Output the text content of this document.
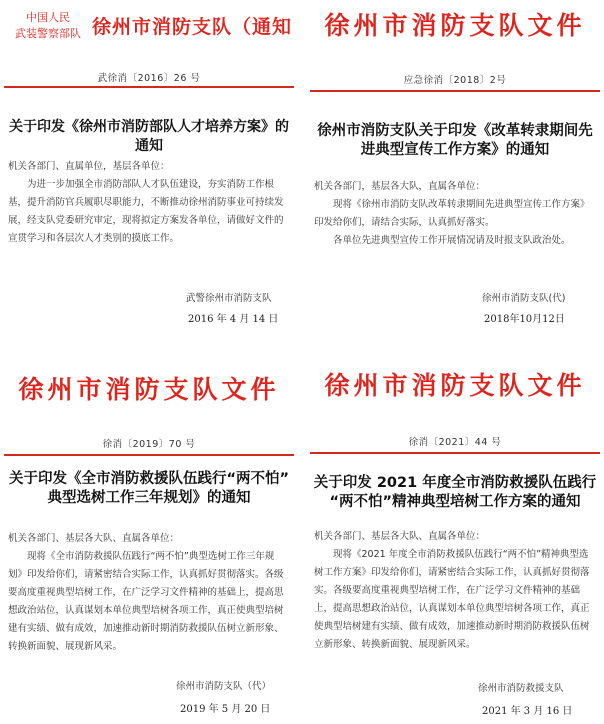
中国人民
武装警察部队 徐州市消防支队（通知
武徐消〔2016〕26 号
关于印发《徐州市消防部队人才培养方案》的通知
机关各部门、直属单位，基层各单位：

为进一步加强全市消防部队人才队伍建设，夯实消防工作根基，提升消防官兵履职尽职能力，不断推动徐州消防事业可持续发展，经支队党委研究审定，现将拟定方案发各单位，请做好文件的宣贯学习和各层次人才类别的摸底工作。

武警徐州市消防支队
2016 年 4 月 14 日
徐州市消防支队文件
应急徐消〔2018〕2号
徐州市消防支队关于印发《改革转隶期间先进典型宣传工作方案》的通知
机关各部门，基层各大队，直属各单位：

现将《徐州市消防支队改革转隶期间先进典型宣传工作方案》印发给你们，请结合实际，认真抓好落实。

各单位先进典型宣传工作开展情况请及时报支队政治处。

徐州市消防支队(代)
2018年10月12日
徐州市消防支队文件
徐消〔2019〕70 号
关于印发《全市消防救援队伍践行“两不怕”
典型选树工作三年规划》的通知
机关各部门、基层各大队、直属各单位：

现将《全市消防救援队伍践行“两不怕”典型选树工作三年规划》印发给你们，请紧密结合实际工作，认真抓好贯彻落实。各级要高度重视典型培树工作，在广泛学习文件精神的基础上，提高思想政治站位，认真谋划本单位典型培树各项工作，真正使典型培树建有实绩、做有成效，加速推动新时期消防救援队伍树立新形象、转换新面貌、展现新风采。

徐州市消防支队（代）
2019 年 5 月 20 日
徐州市消防支队文件
徐消〔2021〕44 号
关于印发 2021 年度全市消防救援队伍践行
“两不怕”精神典型培树工作方案的通知
机关各部门、基层各大队、直属各单位：

现将《2021 年度全市消防救援队伍践行“两不怕”精神典型选树工作方案》印发给你们，请紧密结合实际工作，认真抓好贯彻落实。各级要高度重视典型培树工作，在广泛学习文件精神的基础上，提高思想政治站位，认真谋划本单位典型培树各项工作，真正使典型培树建有实绩、做有成效，加速推动新时期消防救援队伍树立新形象、转换新面貌、展现新风采。

徐州市消防救援支队
2021 年 3 月 16 日
